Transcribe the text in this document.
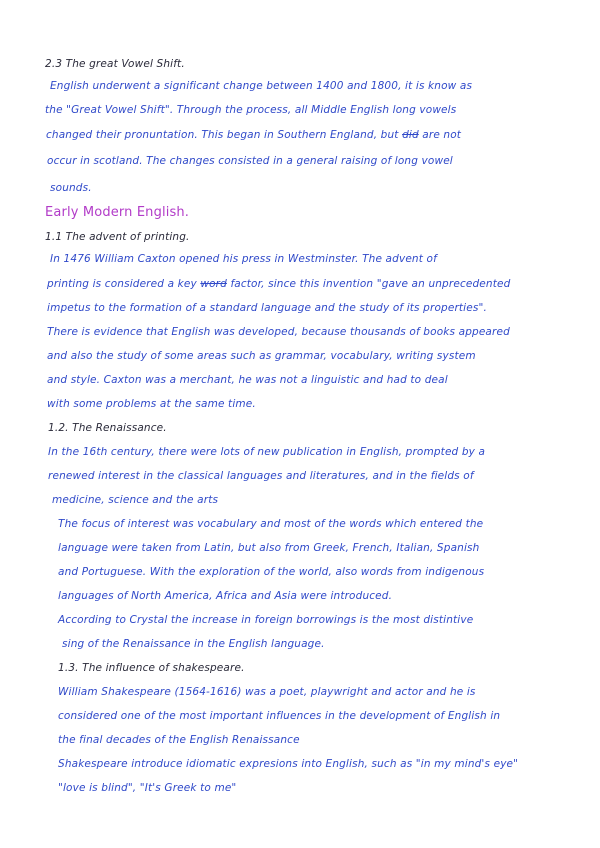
2.3 The great Vowel Shift.
English underwent a significant change between 1400 and 1800, it is know as
the "Great Vowel Shift". Through the process, all Middle English long vowels
changed their pronuntation. This began in Southern England, but did are not
occur in scotland. The changes consisted in a general raising of long vowel
sounds.
Early Modern English.
1.1 The advent of printing.
In 1476 William Caxton opened his press in Westminster. The advent of
printing is considered a key word factor, since this invention "gave an unprecedented
impetus to the formation of a standard language and the study of its properties".
There is evidence that English was developed, because thousands of books appeared
and also the study of some areas such as grammar, vocabulary, writing system
and style. Caxton was a merchant, he was not a linguistic and had to deal
with some problems at the same time.
1.2. The Renaissance.
In the 16th century, there were lots of new publication in English, prompted by a
renewed interest in the classical languages and literatures, and in the fields of
medicine, science and the arts
The focus of interest was vocabulary and most of the words which entered the
language were taken from Latin, but also from Greek, French, Italian, Spanish
and Portuguese. With the exploration of the world, also words from indigenous
languages of North America, Africa and Asia were introduced.
According to Crystal the increase in foreign borrowings is the most distintive
sing of the Renaissance in the English language.
1.3. The influence of shakespeare.
William Shakespeare (1564-1616) was a poet, playwright and actor and he is
considered one of the most important influences in the development of English in
the final decades of the English Renaissance
Shakespeare introduce idiomatic expresions into English, such as "in my mind's eye"
"love is blind", "It's Greek to me"
